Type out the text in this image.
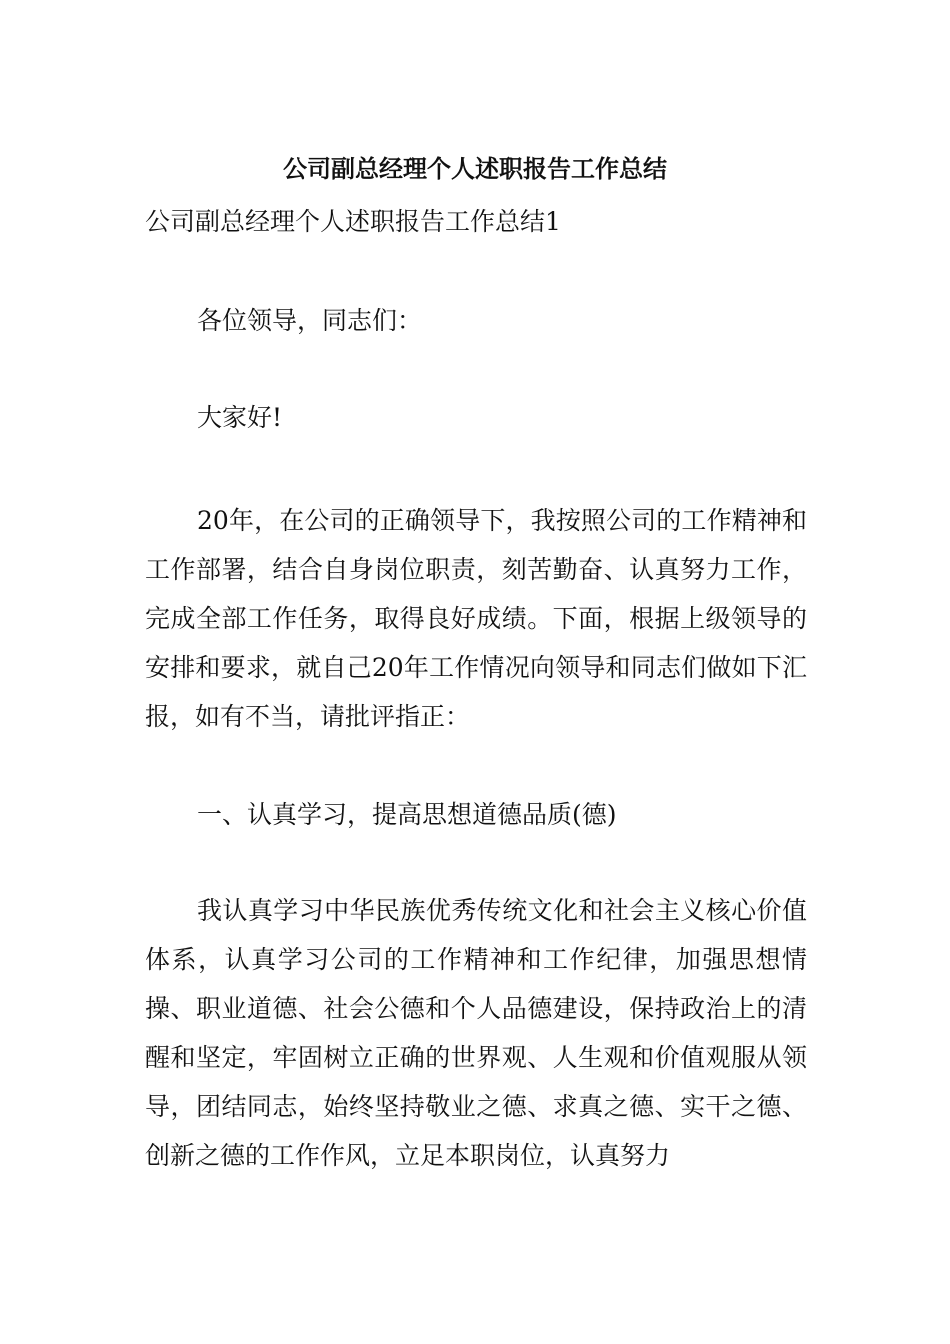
公司副总经理个人述职报告工作总结

公司副总经理个人述职报告工作总结1

各位领导，同志们：

大家好!

20年，在公司的正确领导下，我按照公司的工作精神和工作部署，结合自身岗位职责，刻苦勤奋、认真努力工作，完成全部工作任务，取得良好成绩。下面，根据上级领导的安排和要求，就自己20年工作情况向领导和同志们做如下汇报，如有不当，请批评指正：

一、认真学习，提高思想道德品质(德)

我认真学习中华民族优秀传统文化和社会主义核心价值体系，认真学习公司的工作精神和工作纪律，加强思想情操、职业道德、社会公德和个人品德建设，保持政治上的清醒和坚定，牢固树立正确的世界观、人生观和价值观服从领导，团结同志，始终坚持敬业之德、求真之德、实干之德、创新之德的工作作风，立足本职岗位，认真努力
